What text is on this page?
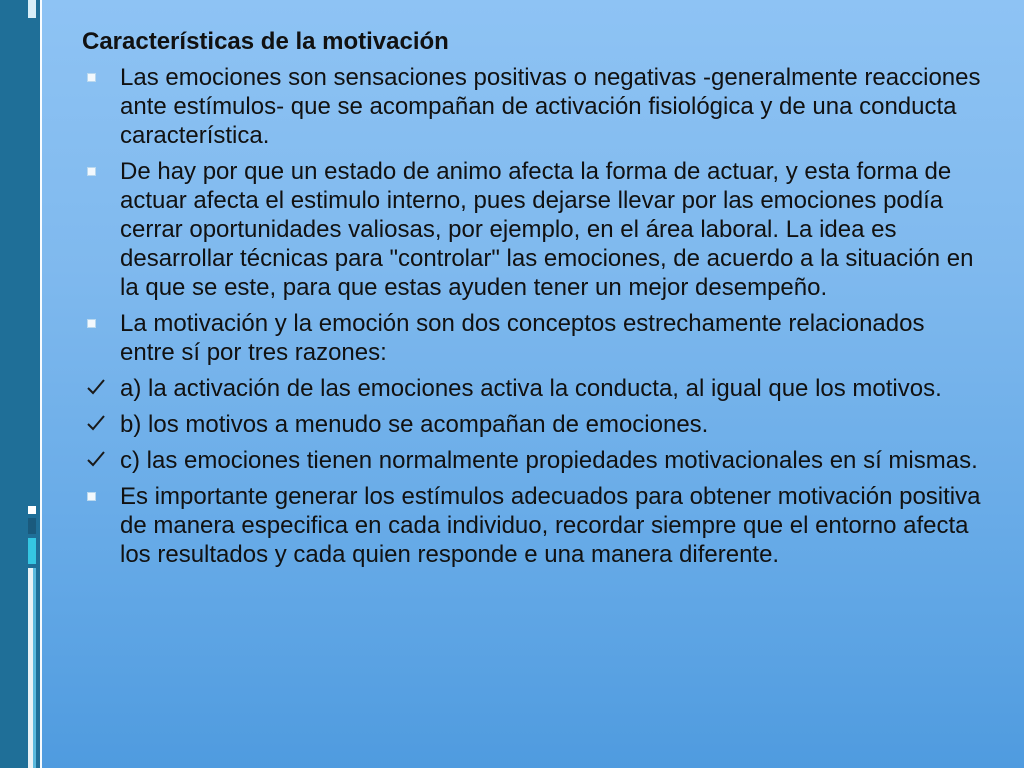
Características de la motivación
Las emociones son sensaciones positivas o negativas -generalmente reacciones ante estímulos- que se acompañan de activación fisiológica y de una conducta característica.
De hay por que un estado de animo afecta la forma de actuar, y esta forma de actuar afecta el estimulo interno, pues dejarse llevar por las emociones podía cerrar oportunidades valiosas, por ejemplo, en el área laboral. La idea es desarrollar técnicas para "controlar" las emociones, de acuerdo a la situación en la que se este, para que estas ayuden tener un mejor desempeño.
La motivación y la emoción son dos conceptos estrechamente relacionados entre sí por tres razones:
a) la activación de las emociones activa la conducta, al igual que los motivos.
b) los motivos a menudo se acompañan de emociones.
c) las emociones tienen normalmente propiedades motivacionales en sí mismas.
Es importante generar los estímulos adecuados para obtener motivación positiva de manera especifica en cada individuo, recordar siempre que el entorno afecta los resultados y cada quien responde e una manera diferente.
